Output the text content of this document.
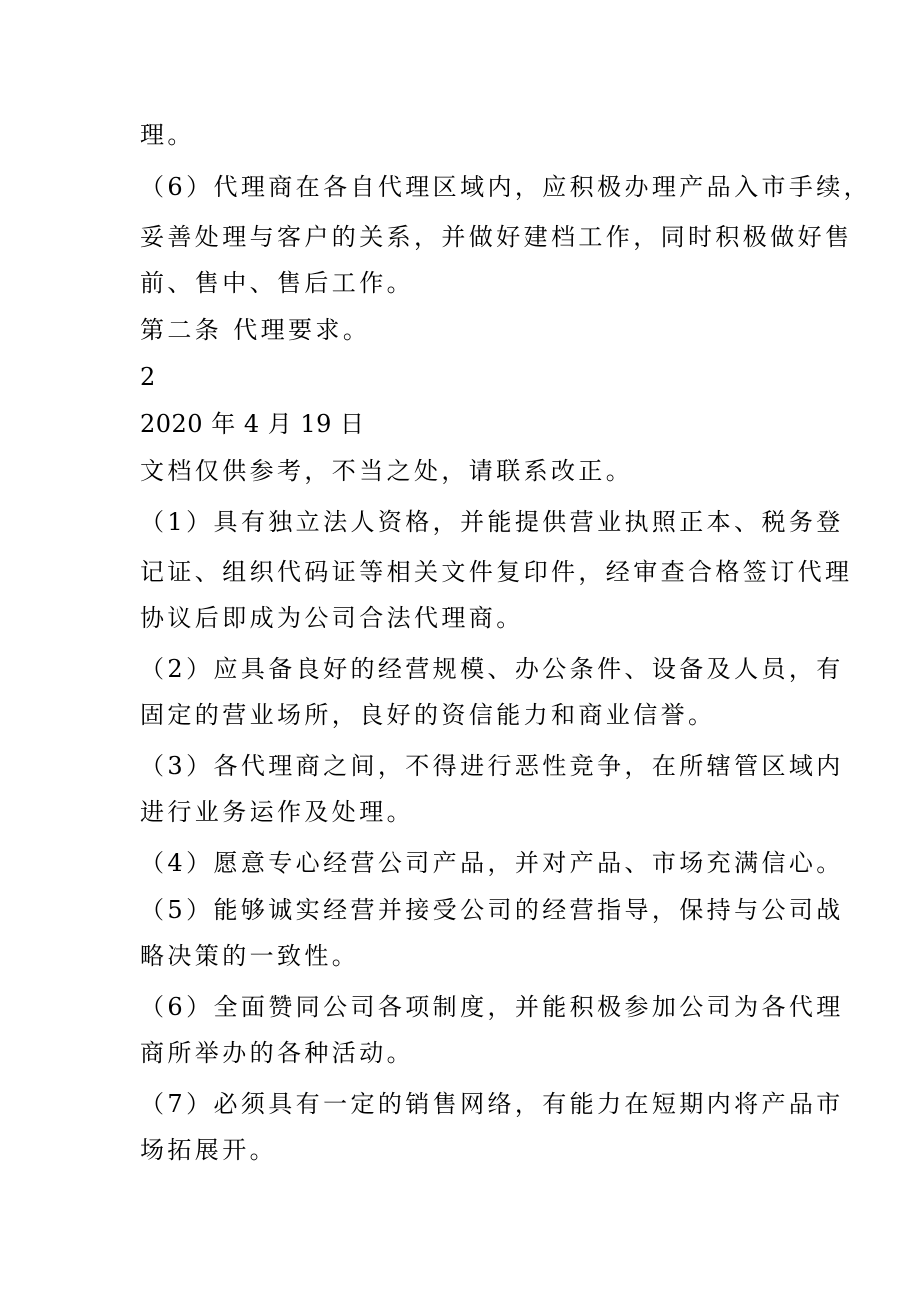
理。
（6）代理商在各自代理区域内，应积极办理产品入市手续，
妥善处理与客户的关系，并做好建档工作，同时积极做好售
前、售中、售后工作。
第二条 代理要求。
2
2020 年 4 月 19 日
文档仅供参考，不当之处，请联系改正。
（1）具有独立法人资格，并能提供营业执照正本、税务登
记证、组织代码证等相关文件复印件，经审查合格签订代理
协议后即成为公司合法代理商。
（2）应具备良好的经营规模、办公条件、设备及人员，有
固定的营业场所，良好的资信能力和商业信誉。
（3）各代理商之间，不得进行恶性竞争，在所辖管区域内
进行业务运作及处理。
（4）愿意专心经营公司产品，并对产品、市场充满信心。
（5）能够诚实经营并接受公司的经营指导，保持与公司战
略决策的一致性。
（6）全面赞同公司各项制度，并能积极参加公司为各代理
商所举办的各种活动。
（7）必须具有一定的销售网络，有能力在短期内将产品市
场拓展开。
